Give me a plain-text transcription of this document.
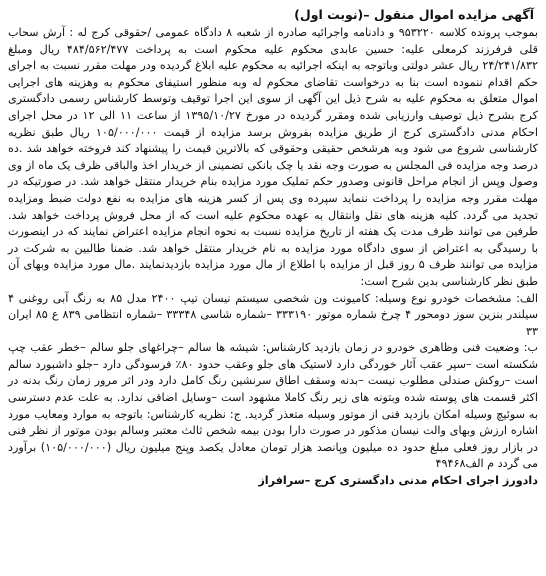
آگهی مزایده اموال منقول –(نوبت اول)

بموجب پرونده کلاسه ۹۵۳۲۲۰ و دادنامه واجرائیه صادره از شعبه ۸ دادگاه عمومی /حقوقی کرج له : آرش سحاب قلی فرفرزند کرمعلی علیه: حسین عابدی محکوم علیه محکوم است به پرداخت ۴۸۴/۵۶۲/۴۷۷ ریال ومبلغ ۲۴/۲۴۱/۸۳۲ ریال عشر دولتی وباتوجه به اینکه اجرائیه به محکوم علیه ابلاغ گردیده ودر مهلت مقرر نسبت به اجرای حکم اقدام ننموده است بنا به درخواست تقاضای محکوم له وبه منظور استیفای محکوم به وهزینه های اجرایی اموال متعلق به محکوم علیه به شرح ذیل این آگهی از سوی این اجرا توقیف وتوسط کارشناس رسمی دادگستری کرج بشرح ذیل توصیف وارزیابی شده ومقرر گردیده در مورخ ۱۳۹۵/۱۰/۲۷ از ساعت ۱۱ الی ۱۲ در محل اجرای احکام مدنی دادگستری کرج از طریق مزایده بفروش برسد مزایده از قیمت ۱۰۵/۰۰۰/۰۰۰ ریال طبق نظریه کارشناسی شروع می شود وبه هرشخص حقیقی وحقوقی که بالاترین قیمت را پیشنهاد کند فروخته خواهد شد .ده درصد وجه مزایده فی المجلس به صورت وجه نقد یا چک بانکی تضمینی از خریدار اخذ والباقی ظرف یک ماه از وی وصول وپس از انجام مراحل قانونی وصدور حکم تملیک مورد مزایده بنام خریدار منتقل خواهد شد. در صورتیکه در مهلت مقرر وجه مزایده را پرداخت ننماید سپرده وی پس از کسر هزینه های مزایده به نفع دولت ضبط ومزایده تجدید می گردد. کلیه هزینه های نقل وانتقال به عهده محکوم علیه است که از محل فروش پرداخت خواهد شد. طرفین می توانند ظرف مدت یک هفته از تاریخ مزایده نسبت به نحوه انجام مزایده اعتراض نمایند که در اینصورت با رسیدگی به اعتراض از سوی دادگاه مورد مزایده به نام خریدار منتقل خواهد شد. ضمنا طالبین به شرکت در مزایده می توانند ظرف ۵ روز قبل از مزایده با اطلاع از مال مورد مزایده بازدیدنمایند .مال مورد مزایده وبهای آن طبق نظر کارشناسی بدین شرح است:

الف: مشخصات خودرو نوع وسیله: کامیونت ون شخصی سیستم نیسان تیپ ۲۴۰۰ مدل ۸۵ به رنگ آبی روغنی ۴ سیلندر بنزین سوز دومحور ۴ چرخ شماره موتور ۳۳۳۱۹۰ –شماره شاسی ۳۳۳۴۸ –شماره انتظامی ۸۳۹ ع ۸۵ ایران ۳۳

ب: وضعیت فنی وظاهری خودرو در زمان بازدید کارشناس: شیشه ها سالم –چراغهای جلو سالم –خطر عقب چپ شکسته است –سپر عقب آثار خوردگی دارد لاستیک های جلو وعقب حدود ۸۰٪ فرسودگی دارد –جلو داشبورد سالم است –روکش صندلی مطلوب نیست –بدنه وسقف اطاق سرنشین رنگ کامل دارد ودر اثر مرور زمان رنگ بدنه در اکثر قسمت های پوسته شده وبتونه های زیر رنگ کاملا مشهود است –وسایل اضافی ندارد. به علت عدم دسترسی به سوئیچ وسیله امکان بازدید فنی از موتور وسیله متعذر گردید. ج: نظریه کارشناس: باتوجه به موارد ومعایب مورد اشاره ارزش وبهای والت نیسان مذکور در صورت دارا بودن بیمه شخص ثالث معتبر وسالم بودن موتور از نظر فنی در بازار روز فعلی مبلغ حدود ده میلیون وپانصد هزار تومان معادل یکصد وپنج میلیون ریال (۱۰۵/۰۰۰/۰۰۰) برآورد می گردد م الف۴۹۴۶۸

دادورز اجرای احکام مدنی دادگستری کرج –سرافراز
